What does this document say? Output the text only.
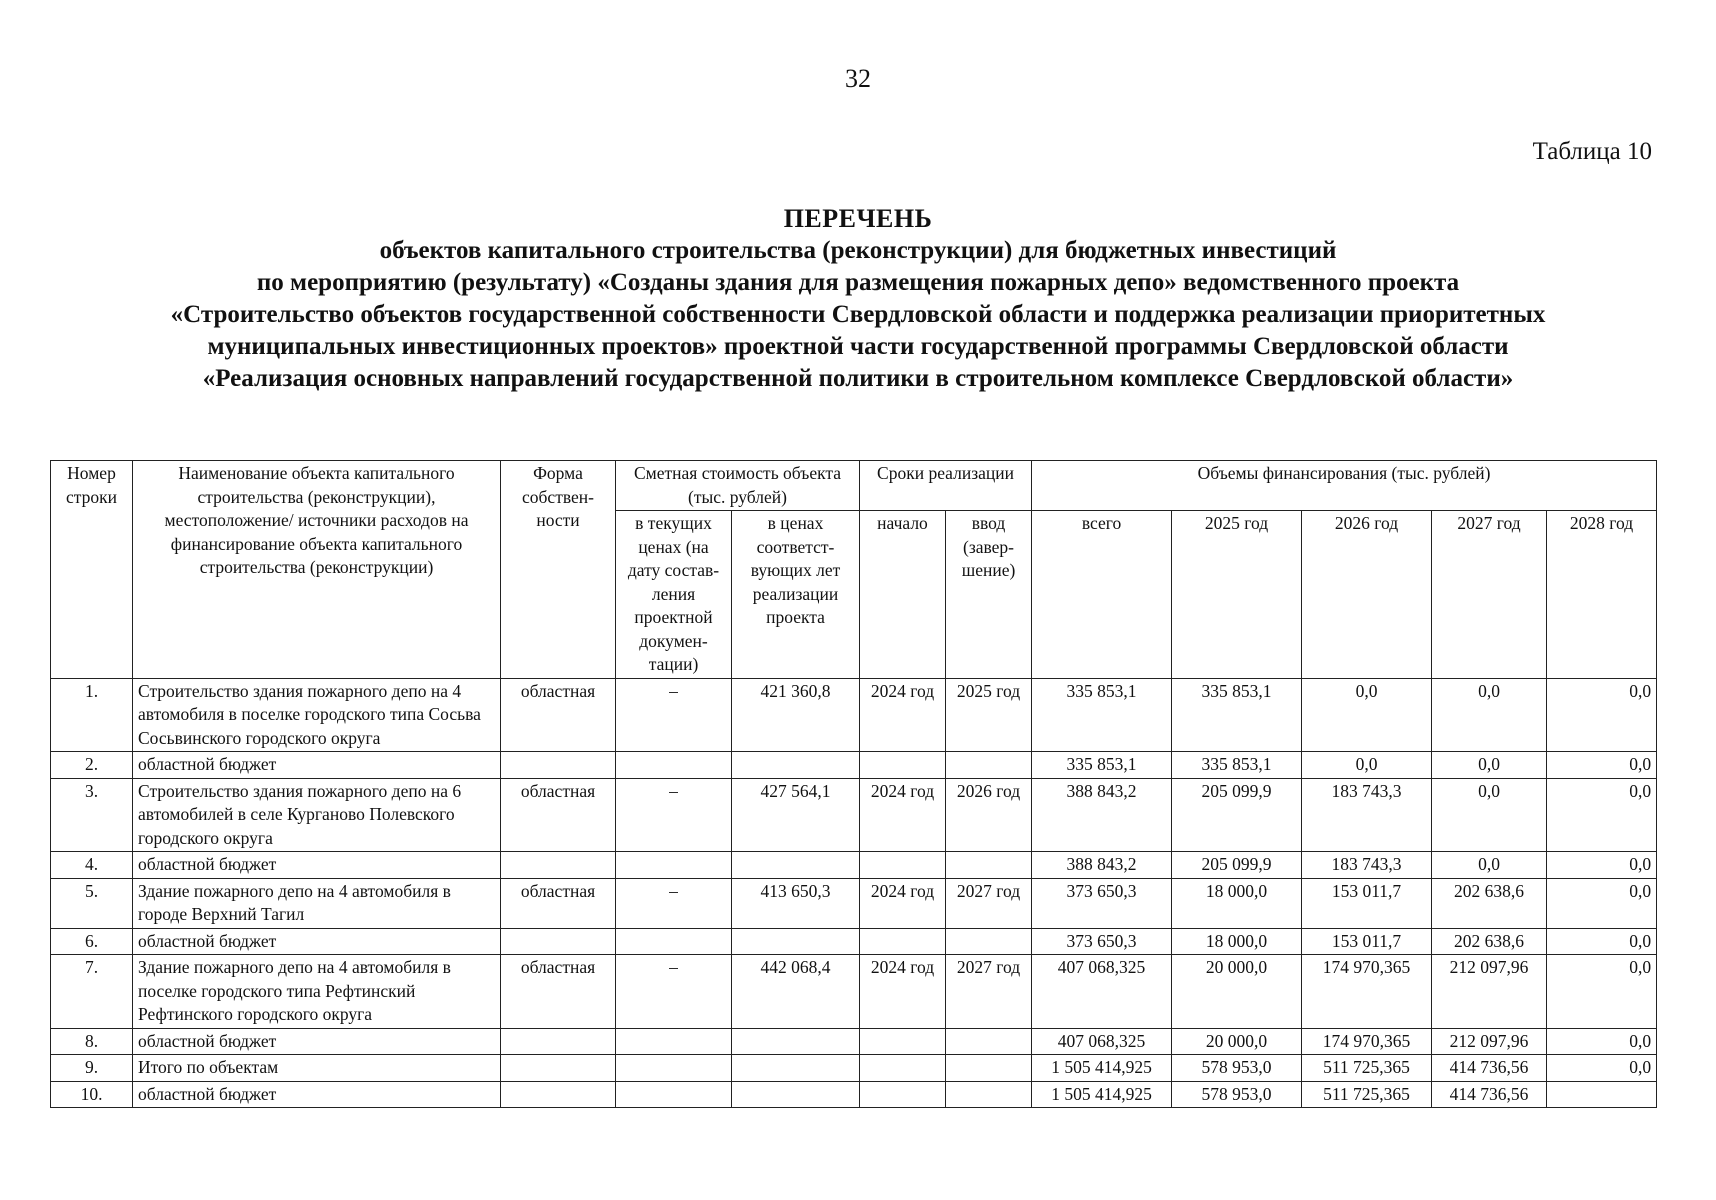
32
Таблица 10
ПЕРЕЧЕНЬ
объектов капитального строительства (реконструкции) для бюджетных инвестиций
по мероприятию (результату) «Созданы здания для размещения пожарных депо» ведомственного проекта
«Строительство объектов государственной собственности Свердловской области и поддержка реализации приоритетных
муниципальных инвестиционных проектов» проектной части государственной программы Свердловской области
«Реализация основных направлений государственной политики в строительном комплексе Свердловской области»
Номер строки	Наименование объекта капитального строительства (реконструкции), местоположение/ источники расходов на финансирование объекта капитального строительства (реконструкции)	Форма собствен-ности	Сметная стоимость объекта (тыс. рублей)		Сроки реализации		Объемы финансирования (тыс. рублей)				
			в текущих ценах (на дату состав-ления проектной докумен-тации)	в ценах соответст-вующих лет реализации проекта	начало	ввод (завер-шение)	всего	2025 год	2026 год	2027 год	2028 год
1.	Строительство здания пожарного депо на 4 автомобиля в поселке городского типа Сосьва Сосьвинского городского округа	областная	–	421 360,8	2024 год	2025 год	335 853,1	335 853,1	0,0	0,0	0,0
2.	областной бюджет						335 853,1	335 853,1	0,0	0,0	0,0
3.	Строительство здания пожарного депо на 6 автомобилей в селе Курганово Полевского городского округа	областная	–	427 564,1	2024 год	2026 год	388 843,2	205 099,9	183 743,3	0,0	0,0
4.	областной бюджет						388 843,2	205 099,9	183 743,3	0,0	0,0
5.	Здание пожарного депо на 4 автомобиля в городе Верхний Тагил	областная	–	413 650,3	2024 год	2027 год	373 650,3	18 000,0	153 011,7	202 638,6	0,0
6.	областной бюджет						373 650,3	18 000,0	153 011,7	202 638,6	0,0
7.	Здание пожарного депо на 4 автомобиля в поселке городского типа Рефтинский Рефтинского городского округа	областная	–	442 068,4	2024 год	2027 год	407 068,325	20 000,0	174 970,365	212 097,96	0,0
8.	областной бюджет						407 068,325	20 000,0	174 970,365	212 097,96	0,0
9.	Итого по объектам						1 505 414,925	578 953,0	511 725,365	414 736,56	0,0
10.	областной бюджет						1 505 414,925	578 953,0	511 725,365	414 736,56	
